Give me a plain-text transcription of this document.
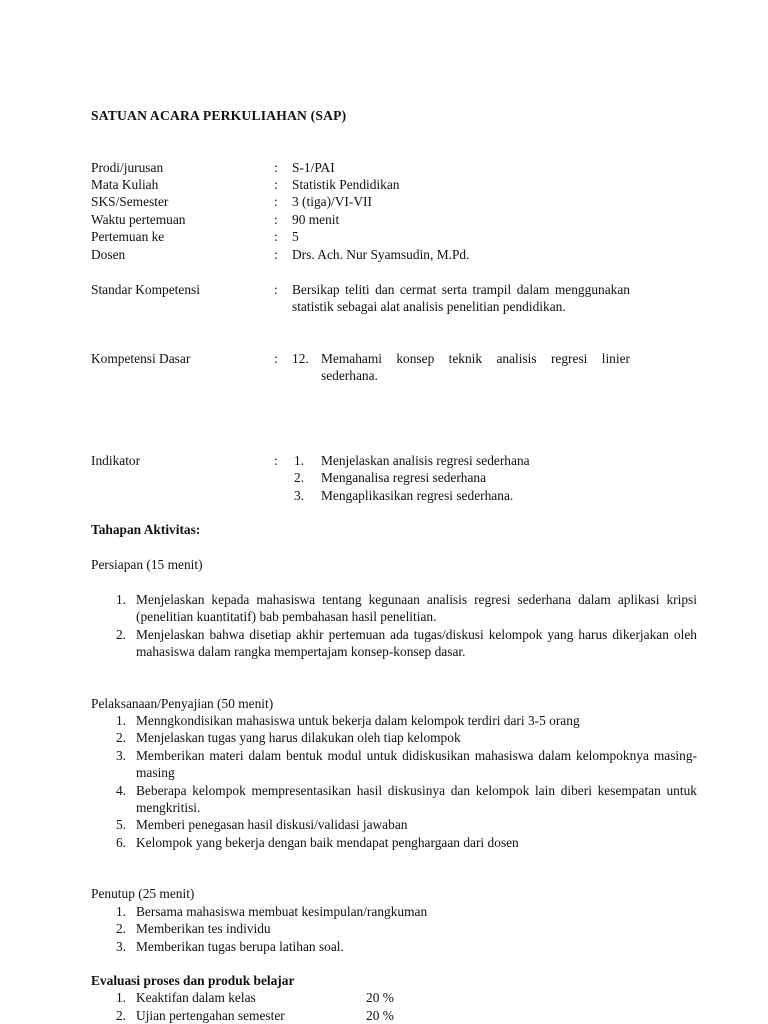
SATUAN ACARA PERKULIAHAN (SAP)
Prodi/jurusan	: S-1/PAI
Mata Kuliah	: Statistik Pendidikan
SKS/Semester	: 3 (tiga)/VI-VII
Waktu pertemuan	: 90 menit
Pertemuan ke	: 5
Dosen	: Drs. Ach. Nur Syamsudin, M.Pd.
Standar Kompetensi	: Bersikap teliti dan cermat serta trampil dalam menggunakan statistik sebagai alat analisis penelitian pendidikan.
Kompetensi Dasar	: 12. Memahami konsep teknik analisis regresi linier sederhana.
Indikator	: 1. Menjelaskan analisis regresi sederhana
2. Menganalisa regresi sederhana
3. Mengaplikasikan regresi sederhana.
Tahapan Aktivitas:
Persiapan (15 menit)
1. Menjelaskan kepada mahasiswa tentang kegunaan analisis regresi sederhana dalam aplikasi kripsi (penelitian kuantitatif) bab pembahasan hasil penelitian.
2. Menjelaskan bahwa disetiap akhir pertemuan ada tugas/diskusi kelompok yang harus dikerjakan oleh mahasiswa dalam rangka mempertajam konsep-konsep dasar.
Pelaksanaan/Penyajian (50 menit)
1. Menngkondisikan mahasiswa untuk bekerja dalam kelompok terdiri dari 3-5 orang
2. Menjelaskan tugas yang harus dilakukan oleh tiap kelompok
3. Memberikan materi dalam bentuk modul untuk didiskusikan mahasiswa dalam kelompoknya masing-masing
4. Beberapa kelompok mempresentasikan hasil diskusinya dan kelompok lain diberi kesempatan untuk mengkritisi.
5. Memberi penegasan hasil diskusi/validasi jawaban
6. Kelompok yang bekerja dengan baik mendapat penghargaan dari dosen
Penutup (25 menit)
1. Bersama mahasiswa membuat kesimpulan/rangkuman
2. Memberikan tes individu
3. Memberikan tugas berupa latihan soal.
Evaluasi proses dan produk belajar
1. Keaktifan dalam kelas	20 %
2. Ujian pertengahan semester	20 %
